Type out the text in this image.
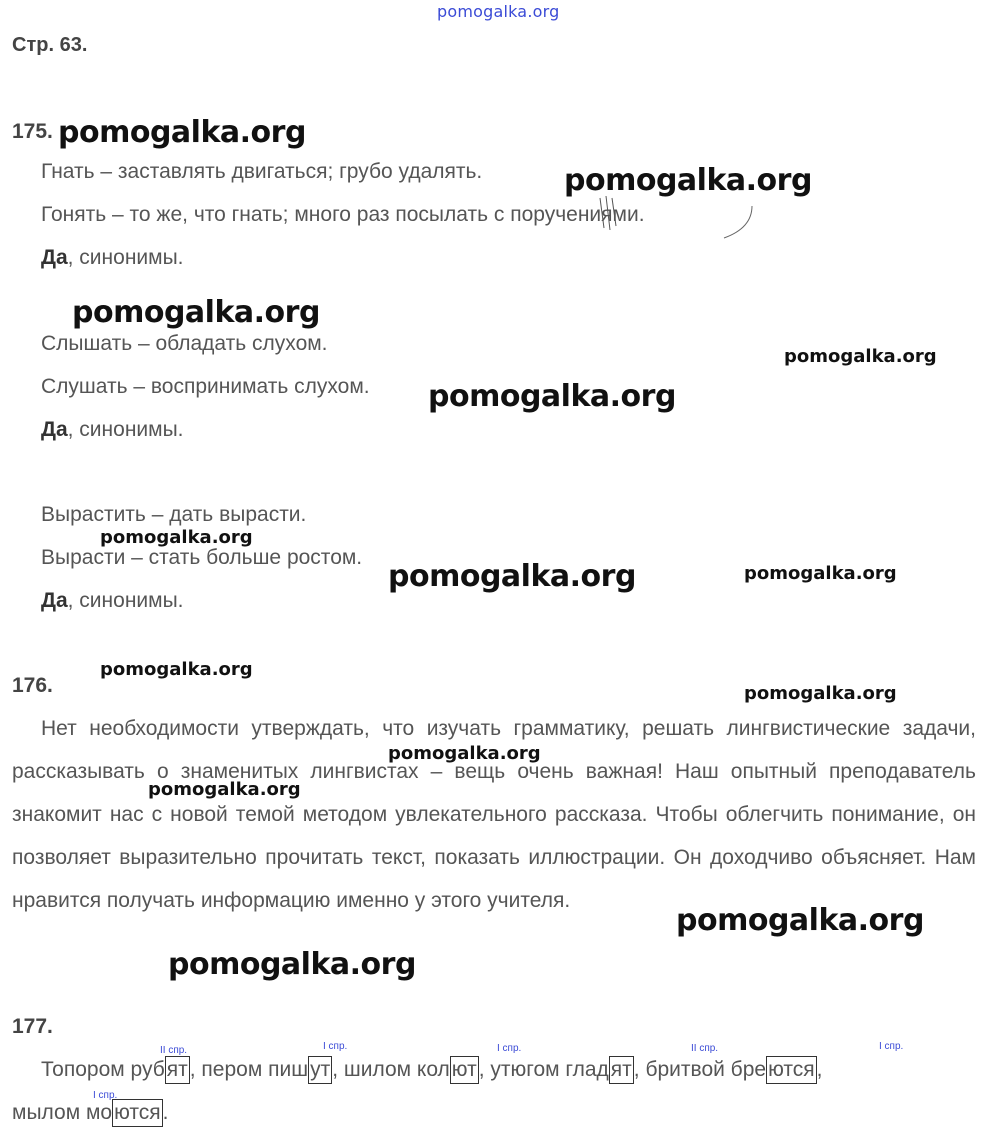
pomogalka.org
Стр. 63.
175.
Гнать – заставлять двигаться; грубо удалять.
Гонять – то же, что гнать; много раз посылать с поручениями.
Да, синонимы.
Слышать – обладать слухом.
Слушать – воспринимать слухом.
Да, синонимы.
Вырастить – дать вырасти.
Вырасти – стать больше ростом.
Да, синонимы.
176.
Нет необходимости утверждать, что изучать грамматику, решать лингвистические задачи, рассказывать о знаменитых лингвистах – вещь очень важная! Наш опытный преподаватель знакомит нас с новой темой методом увлекательного рассказа. Чтобы облегчить понимание, он позволяет выразительно прочитать текст, показать иллюстрации. Он доходчиво объясняет. Нам нравится получать информацию именно у этого учителя.
177.
Топором рубят, пером пишут, шилом колют, утюгом гладят, бритвой бреются,
мылом моются.
II спр.	I спр.	I спр.	II спр.	I спр.
I спр.
pomogalka.org
pomogalka.org
pomogalka.org
pomogalka.org
pomogalka.org
pomogalka.org
pomogalka.org	pomogalka.org
pomogalka.org
pomogalka.org
pomogalka.org
pomogalka.org
pomogalka.org
pomogalka.org
